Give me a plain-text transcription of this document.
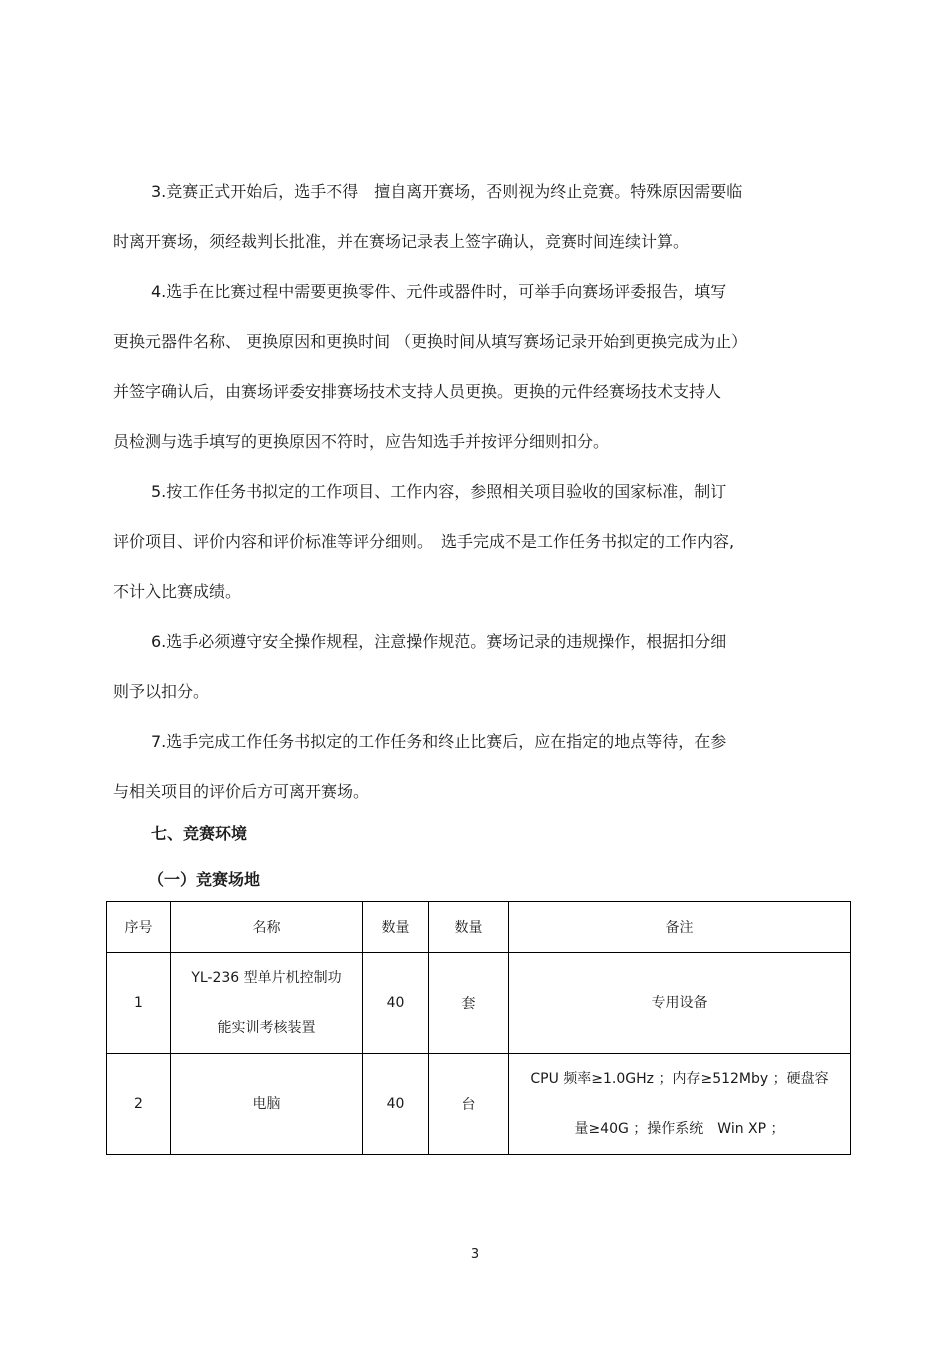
3.竞赛正式开始后，选手不得　擅自离开赛场，否则视为终止竞赛。特殊原因需要临
时离开赛场，须经裁判长批准，并在赛场记录表上签字确认，竞赛时间连续计算。

4.选手在比赛过程中需要更换零件、元件或器件时，可举手向赛场评委报告，填写
更换元器件名称、 更换原因和更换时间 （更换时间从填写赛场记录开始到更换完成为止）
并签字确认后，由赛场评委安排赛场技术支持人员更换。更换的元件经赛场技术支持人
员检测与选手填写的更换原因不符时，应告知选手并按评分细则扣分。

5.按工作任务书拟定的工作项目、工作内容，参照相关项目验收的国家标准，制订
评价项目、评价内容和评价标准等评分细则。　选手完成不是工作任务书拟定的工作内容,
不计入比赛成绩。

6.选手必须遵守安全操作规程，注意操作规范。赛场记录的违规操作，根据扣分细
则予以扣分。

7.选手完成工作任务书拟定的工作任务和终止比赛后，应在指定的地点等待，在参
与相关项目的评价后方可离开赛场。

七、竞赛环境
（一）竞赛场地
序号	名称	数量	数量	备注
1	YL-236 型单片机控制功
能实训考核装置	40	套	专用设备

2	电脑	40	台	CPU 频率≥1.0GHz ；内存≥512Mby ；硬盘容
量≥40G ；操作系统　Win XP ；
3
